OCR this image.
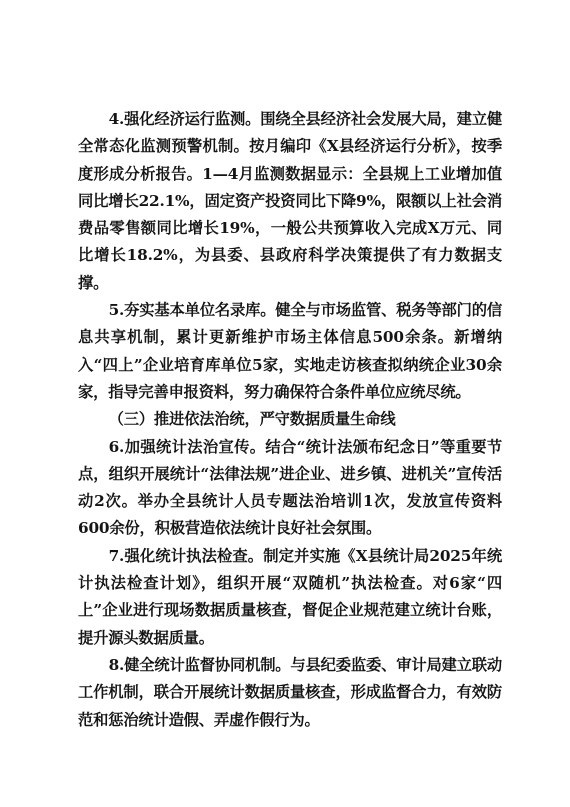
4.强化经济运行监测。围绕全县经济社会发展大局，建立健全常态化监测预警机制。按月编印《X县经济运行分析》，按季度形成分析报告。1—4月监测数据显示：全县规上工业增加值同比增长22.1%，固定资产投资同比下降9%，限额以上社会消费品零售额同比增长19%，一般公共预算收入完成X万元、同比增长18.2%，为县委、县政府科学决策提供了有力数据支撑。

5.夯实基本单位名录库。健全与市场监管、税务等部门的信息共享机制，累计更新维护市场主体信息500余条。新增纳入“四上”企业培育库单位5家，实地走访核查拟纳统企业30余家，指导完善申报资料，努力确保符合条件单位应统尽统。

（三）推进依法治统，严守数据质量生命线

6.加强统计法治宣传。结合“统计法颁布纪念日”等重要节点，组织开展统计“法律法规”进企业、进乡镇、进机关”宣传活动2次。举办全县统计人员专题法治培训1次，发放宣传资料600余份，积极营造依法统计良好社会氛围。

7.强化统计执法检查。制定并实施《X县统计局2025年统计执法检查计划》，组织开展“双随机”执法检查。对6家“四上”企业进行现场数据质量核查，督促企业规范建立统计台账，提升源头数据质量。

8.健全统计监督协同机制。与县纪委监委、审计局建立联动工作机制，联合开展统计数据质量核查，形成监督合力，有效防范和惩治统计造假、弄虚作假行为。
